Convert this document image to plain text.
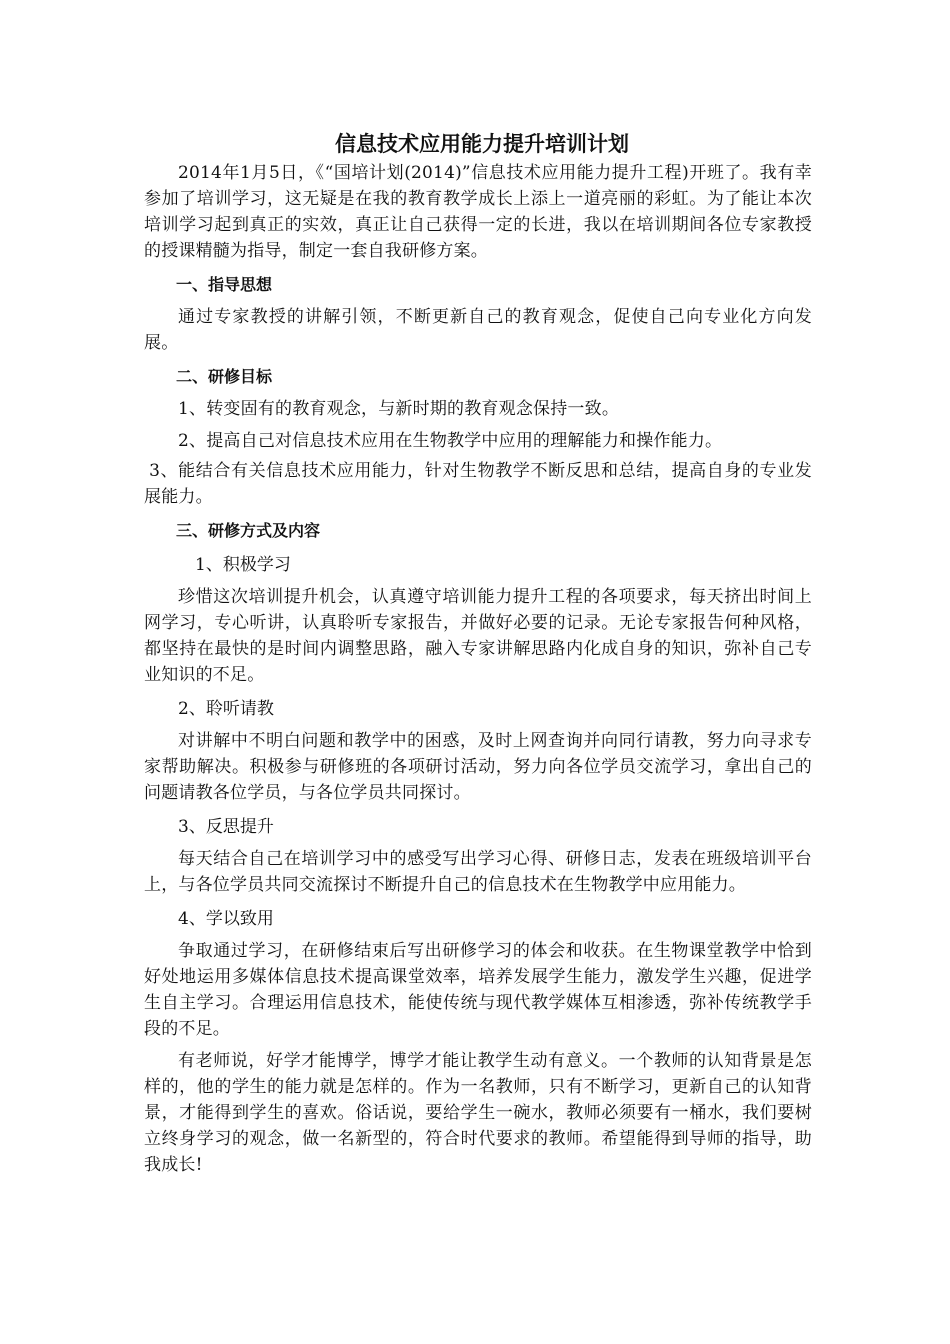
信息技术应用能力提升培训计划

2014年1月5日，《“国培计划(2014)”信息技术应用能力提升工程)开班了。我有幸参加了培训学习，这无疑是在我的教育教学成长上添上一道亮丽的彩虹。为了能让本次培训学习起到真正的实效，真正让自己获得一定的长进，我以在培训期间各位专家教授的授课精髓为指导，制定一套自我研修方案。

一、指导思想

通过专家教授的讲解引领，不断更新自己的教育观念，促使自己向专业化方向发展。

二、研修目标

1、转变固有的教育观念，与新时期的教育观念保持一致。

2、提高自己对信息技术应用在生物教学中应用的理解能力和操作能力。

3、能结合有关信息技术应用能力，针对生物教学不断反思和总结，提高自身的专业发展能力。

三、研修方式及内容

1、积极学习

珍惜这次培训提升机会，认真遵守培训能力提升工程的各项要求，每天挤出时间上网学习，专心听讲，认真聆听专家报告，并做好必要的记录。无论专家报告何种风格，都坚持在最快的是时间内调整思路，融入专家讲解思路内化成自身的知识，弥补自己专业知识的不足。

2、聆听请教

对讲解中不明白问题和教学中的困惑，及时上网查询并向同行请教，努力向寻求专家帮助解决。积极参与研修班的各项研讨活动，努力向各位学员交流学习，拿出自己的问题请教各位学员，与各位学员共同探讨。

3、反思提升

每天结合自己在培训学习中的感受写出学习心得、研修日志，发表在班级培训平台上，与各位学员共同交流探讨不断提升自己的信息技术在生物教学中应用能力。

4、学以致用

争取通过学习，在研修结束后写出研修学习的体会和收获。在生物课堂教学中恰到好处地运用多媒体信息技术提高课堂效率，培养发展学生能力，激发学生兴趣，促进学生自主学习。合理运用信息技术，能使传统与现代教学媒体互相渗透，弥补传统教学手段的不足。

有老师说，好学才能博学，博学才能让教学生动有意义。一个教师的认知背景是怎样的，他的学生的能力就是怎样的。作为一名教师，只有不断学习，更新自己的认知背景，才能得到学生的喜欢。俗话说，要给学生一碗水，教师必须要有一桶水，我们要树立终身学习的观念，做一名新型的，符合时代要求的教师。希望能得到导师的指导，助我成长!
